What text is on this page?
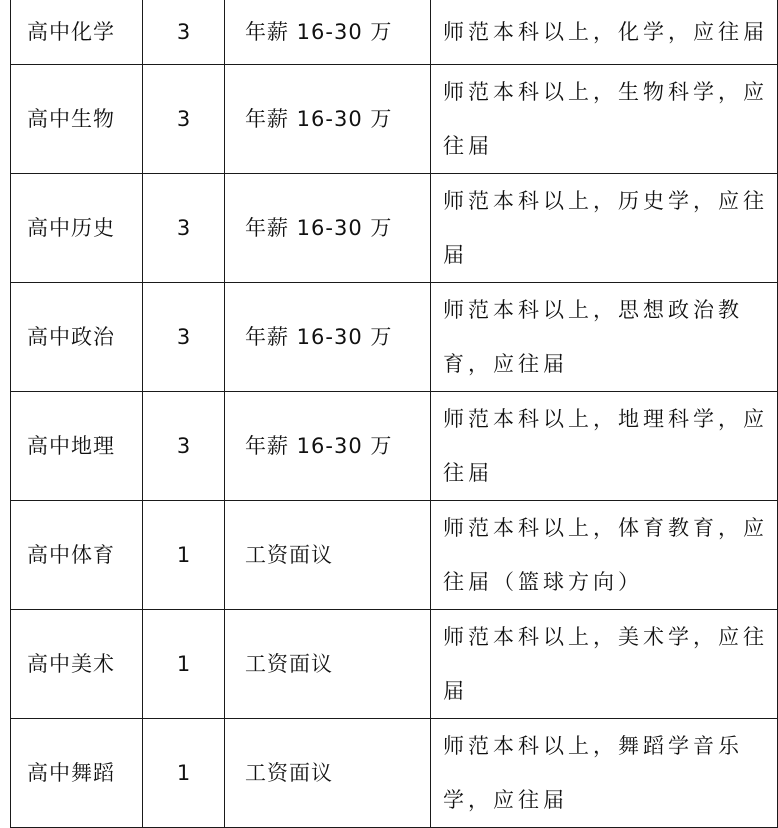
高中化学	3	年薪 16-30 万	师范本科以上，化学，应往届
高中生物	3	年薪 16-30 万	师范本科以上，生物科学，应往届
高中历史	3	年薪 16-30 万	师范本科以上，历史学，应往届
高中政治	3	年薪 16-30 万	师范本科以上，思想政治教育，应往届
高中地理	3	年薪 16-30 万	师范本科以上，地理科学，应往届
高中体育	1	工资面议	师范本科以上，体育教育，应往届（篮球方向）
高中美术	1	工资面议	师范本科以上，美术学，应往届
高中舞蹈	1	工资面议	师范本科以上，舞蹈学音乐学，应往届
